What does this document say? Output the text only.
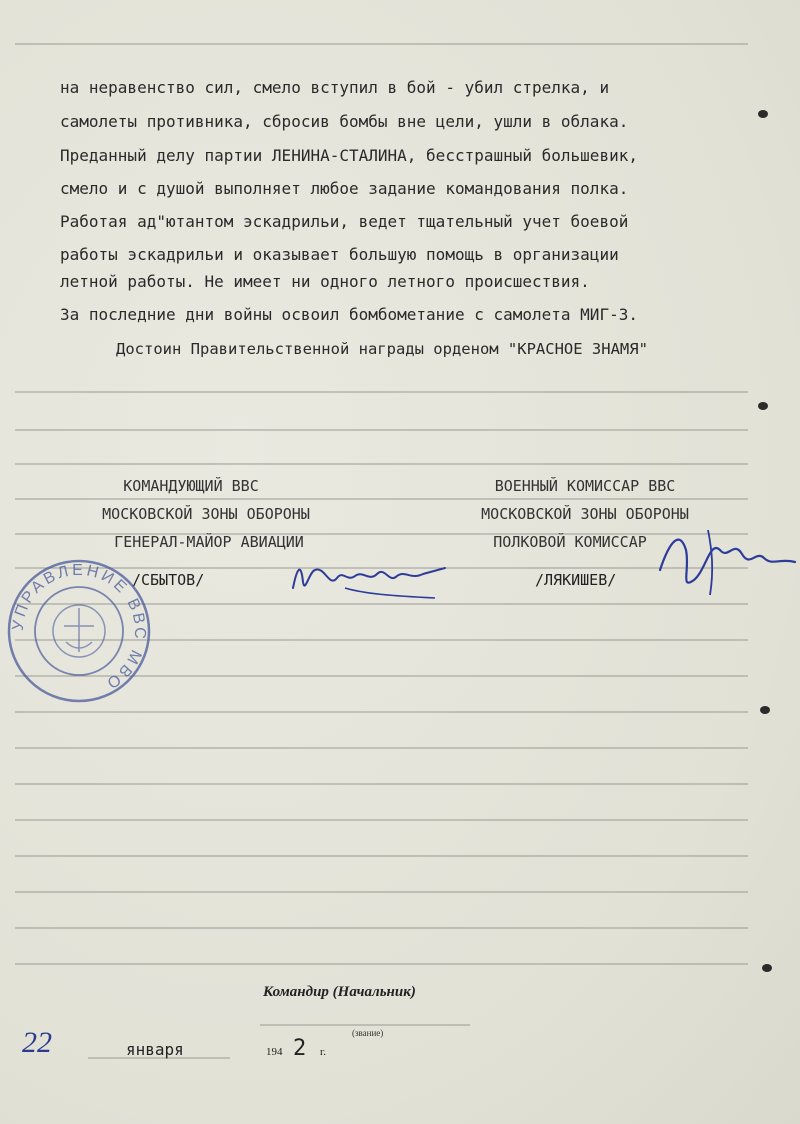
на неравенство сил, смело вступил в бой - убил стрелка, и
самолеты противника, сбросив бомбы вне цели, ушли в облака.
Преданный делу партии ЛЕНИНА-СТАЛИНА, бесстрашный большевик,
смело и с душой выполняет любое задание командования полка.
Работая ад"ютантом эскадрильи, ведет тщательный учет боевой
работы эскадрильи и оказывает большую помощь в организации
летной работы. Не имеет ни одного летного происшествия.
За последние дни войны освоил бомбометание с самолета МИГ-3.
Достоин Правительственной награды орденом "КРАСНОЕ ЗНАМЯ"
КОМАНДУЮЩИЙ ВВС
МОСКОВСКОЙ ЗОНЫ ОБОРОНЫ
ГЕНЕРАЛ-МАЙОР АВИАЦИИ
/СБЫТОВ/
ВОЕННЫЙ КОМИССАР ВВС
МОСКОВСКОЙ ЗОНЫ ОБОРОНЫ
ПОЛКОВОЙ КОМИССАР
/ЛЯКИШЕВ/
УПРАВЛЕНИЕ ВВС МВО
Командир (Начальник)
(звание)
22	января	194 2 г.
